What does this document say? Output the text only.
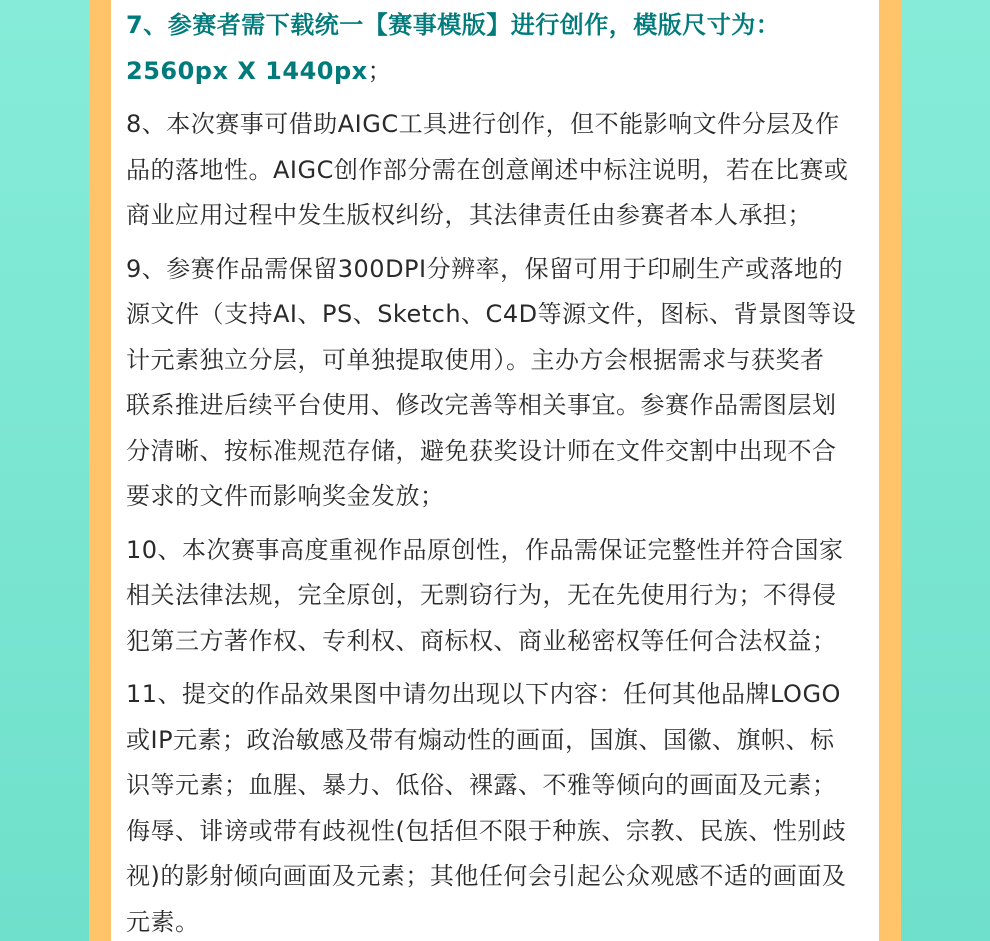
7、参赛者需下载统一【赛事模版】进行创作，模版尺寸为：
2560px X 1440px；
8、本次赛事可借助AIGC工具进行创作，但不能影响文件分层及作
品的落地性。AIGC创作部分需在创意阐述中标注说明，若在比赛或
商业应用过程中发生版权纠纷，其法律责任由参赛者本人承担；
9、参赛作品需保留300DPI分辨率，保留可用于印刷生产或落地的
源文件（支持AI、PS、Sketch、C4D等源文件，图标、背景图等设
计元素独立分层，可单独提取使用）。主办方会根据需求与获奖者
联系推进后续平台使用、修改完善等相关事宜。参赛作品需图层划
分清晰、按标准规范存储，避免获奖设计师在文件交割中出现不合
要求的文件而影响奖金发放；
10、本次赛事高度重视作品原创性，作品需保证完整性并符合国家
相关法律法规，完全原创，无剽窃行为，无在先使用行为；不得侵
犯第三方著作权、专利权、商标权、商业秘密权等任何合法权益；
11、提交的作品效果图中请勿出现以下内容：任何其他品牌LOGO
或IP元素；政治敏感及带有煽动性的画面，国旗、国徽、旗帜、标
识等元素；血腥、暴力、低俗、裸露、不雅等倾向的画面及元素；
侮辱、诽谤或带有歧视性(包括但不限于种族、宗教、民族、性别歧
视)的影射倾向画面及元素；其他任何会引起公众观感不适的画面及
元素。
